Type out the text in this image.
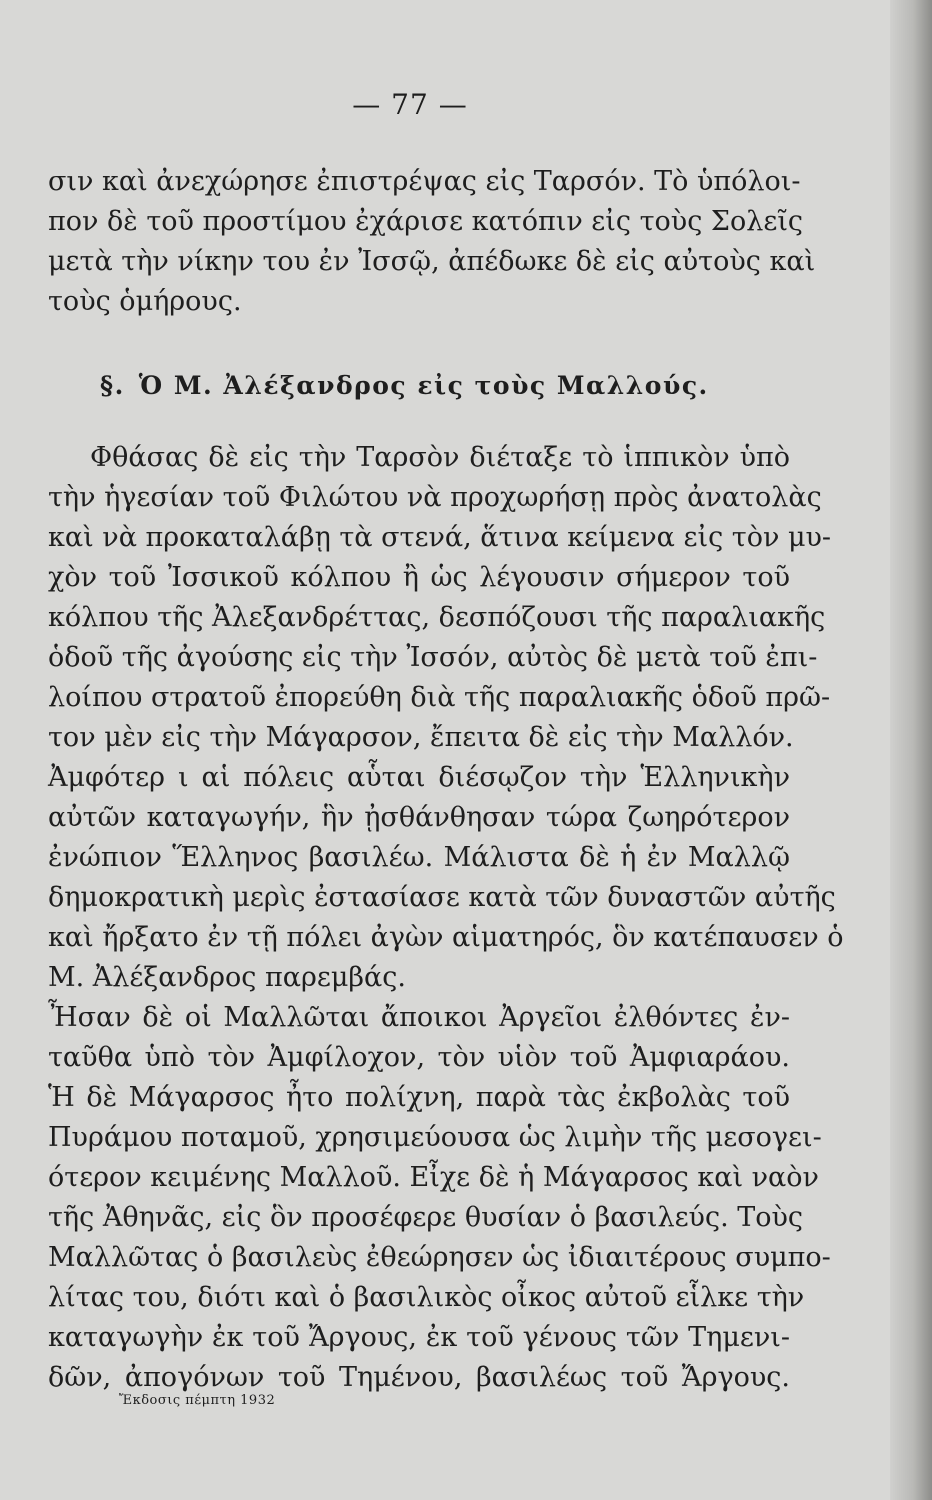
— 77 —
σιν καὶ ἀνεχώρησε ἐπιστρέψας εἰς Ταρσόν. Τὸ ὑπόλοι-
πον δὲ τοῦ προστίμου ἐχάρισε κατόπιν εἰς τοὺς Σολεῖς
μετὰ τὴν νίκην του ἐν Ἰσσῷ, ἀπέδωκε δὲ εἰς αὐτοὺς καὶ
τοὺς ὁμήρους.
§. Ὁ Μ. Ἀλέξανδρος εἰς τοὺς Μαλλούς.
Φθάσας δὲ εἰς τὴν Ταρσὸν διέταξε τὸ ἱππικὸν ὑπὸ
τὴν ἡγεσίαν τοῦ Φιλώτου νὰ προχωρήσῃ πρὸς ἀνατολὰς
καὶ νὰ προκαταλάβῃ τὰ στενά, ἅτινα κείμενα εἰς τὸν μυ-
χὸν τοῦ Ἰσσικοῦ κόλπου ἢ ὡς λέγουσιν σήμερον τοῦ
κόλπου τῆς Ἀλεξανδρέττας, δεσπόζουσι τῆς παραλιακῆς
ὁδοῦ τῆς ἀγούσης εἰς τὴν Ἰσσόν, αὐτὸς δὲ μετὰ τοῦ ἐπι-
λοίπου στρατοῦ ἐπορεύθη διὰ τῆς παραλιακῆς ὁδοῦ πρῶ-
τον μὲν εἰς τὴν Μάγαρσον, ἔπειτα δὲ εἰς τὴν Μαλλόν.
Ἀμφότερ ι αἱ πόλεις αὗται διέσῳζον τὴν Ἑλληνικὴν
αὐτῶν καταγωγήν, ἣν ᾐσθάνθησαν τώρα ζωηρότερον
ἐνώπιον Ἕλληνος βασιλέω. Μάλιστα δὲ ἡ ἐν Μαλλῷ
δημοκρατικὴ μερὶς ἐστασίασε κατὰ τῶν δυναστῶν αὐτῆς
καὶ ἤρξατο ἐν τῇ πόλει ἀγὼν αἱματηρός, ὃν κατέπαυσεν ὁ
Μ. Ἀλέξανδρος παρεμβάς.
Ἦσαν δὲ οἱ Μαλλῶται ἄποικοι Ἀργεῖοι ἐλθόντες ἐν-
ταῦθα ὑπὸ τὸν Ἀμφίλοχον, τὸν υἱὸν τοῦ Ἀμφιαράου.
Ἡ δὲ Μάγαρσος ἦτο πολίχνη, παρὰ τὰς ἐκβολὰς τοῦ
Πυράμου ποταμοῦ, χρησιμεύουσα ὡς λιμὴν τῆς μεσογει-
ότερον κειμένης Μαλλοῦ. Εἶχε δὲ ἡ Μάγαρσος καὶ ναὸν
τῆς Ἀθηνᾶς, εἰς ὃν προσέφερε θυσίαν ὁ βασιλεύς. Τοὺς
Μαλλῶτας ὁ βασιλεὺς ἐθεώρησεν ὡς ἰδιαιτέρους συμπο-
λίτας του, διότι καὶ ὁ βασιλικὸς οἶκος αὐτοῦ εἷλκε τὴν
καταγωγὴν ἐκ τοῦ Ἄργους, ἐκ τοῦ γένους τῶν Τημενι-
δῶν, ἀπογόνων τοῦ Τημένου, βασιλέως τοῦ Ἄργους.
Ἔκδοσις πέμπτη 1932
